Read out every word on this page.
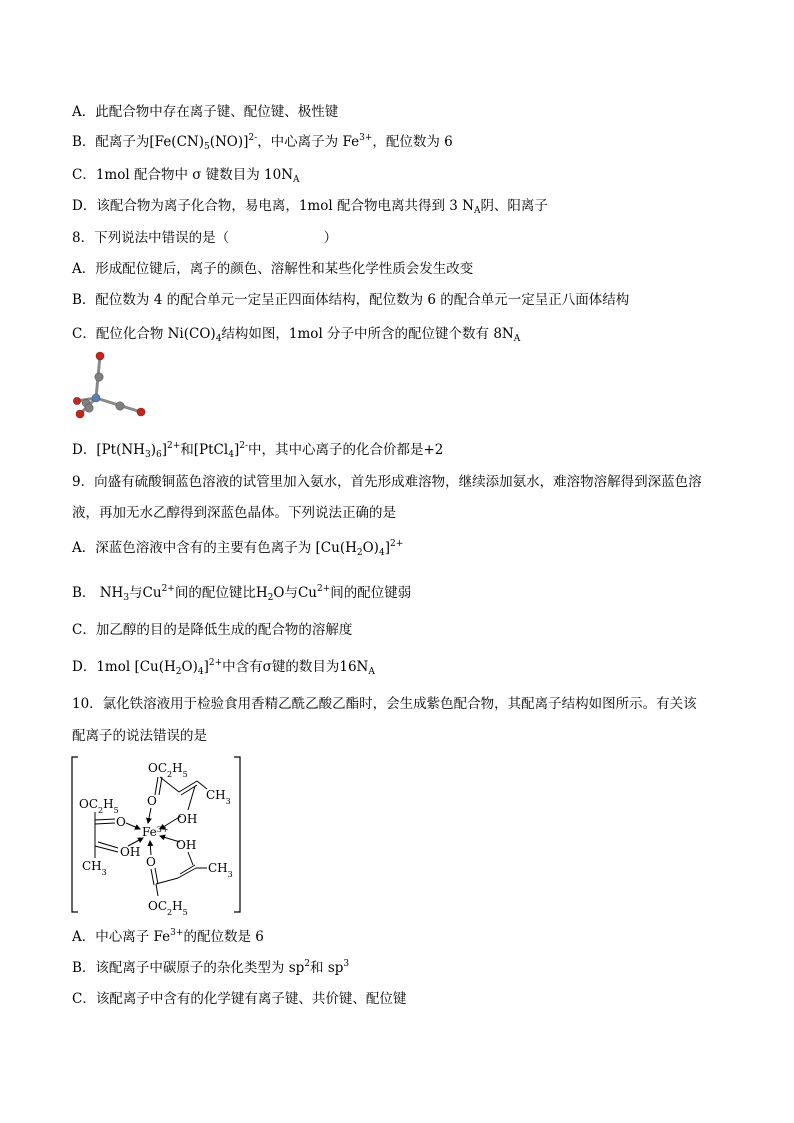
A．此配合物中存在离子键、配位键、极性键
B．配离子为$[Fe(CN)_5(NO)]^{2-}$，中心离子为 $Fe^{3+}$，配位数为 6
C．1mol 配合物中 σ 键数目为 $10N_A$
D．该配合物为离子化合物，易电离，1mol 配合物电离共得到 3 $N_A$阴、阳离子
8．下列说法中错误的是（　　　　　　　）
A．形成配位键后，离子的颜色、溶解性和某些化学性质会发生改变
B．配位数为 4 的配合单元一定呈正四面体结构，配位数为 6 的配合单元一定呈正八面体结构
C．配位化合物 $Ni(CO)_4$结构如图，1mol 分子中所含的配位键个数有 $8N_A$
D．$[Pt(NH_3)_6]^{2+}$和[PtCl$_4$]$^{2-}$中，其中心离子的化合价都是+2
9．向盛有硫酸铜蓝色溶液的试管里加入氨水，首先形成难溶物，继续添加氨水，难溶物溶解得到深蓝色溶
液，再加无水乙醇得到深蓝色晶体。下列说法正确的是
A．深蓝色溶液中含有的主要有色离子为 $[Cu(H_2O)_4]^{2+}$
B． $NH_3$与$Cu^{2+}$间的配位键比$H_2O$与$Cu^{2+}$间的配位键弱
C．加乙醇的目的是降低生成的配合物的溶解度
D．1mol $[Cu(H_2O)_4]^{2+}$中含有σ键的数目为$16N_A$
10．氯化铁溶液用于检验食用香精乙酰乙酸乙酯时，会生成紫色配合物，其配离子结构如图所示。有关该
配离子的说法错误的是
$OC_2H_5$
O	$CH_3$
OH
$OC_2H_5$
O
OH
$CH_3$
$Fe^{3+}$
OH
O	$CH_3$
$OC_2H_5$
A．中心离子 $Fe^{3+}$的配位数是 6
B．该配离子中碳原子的杂化类型为 $sp^2$和 $sp^3$
C．该配离子中含有的化学键有离子键、共价键、配位键
